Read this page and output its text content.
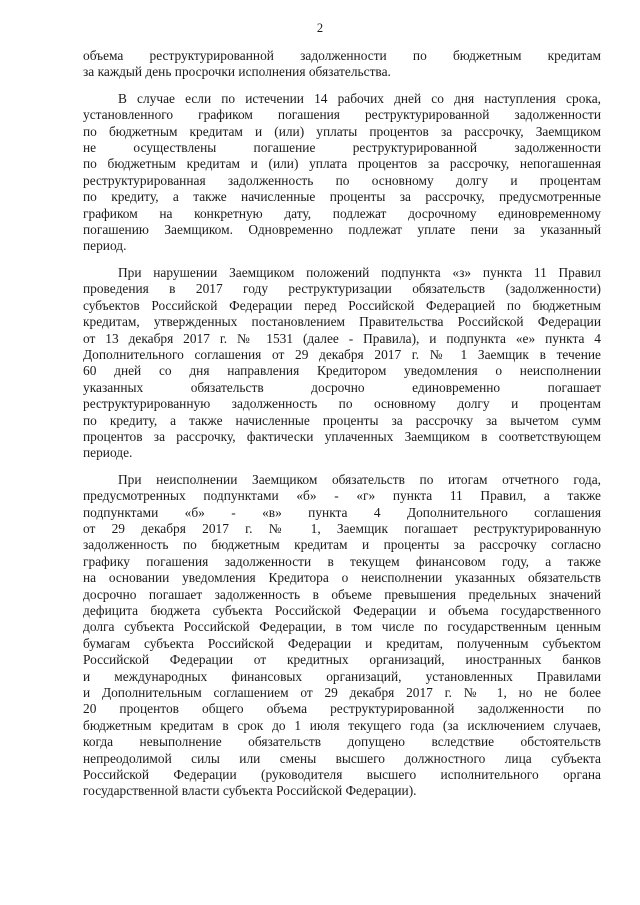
2

объема реструктурированной задолженности по бюджетным кредитам
за каждый день просрочки исполнения обязательства.

В случае если по истечении 14 рабочих дней со дня наступления срока,
установленного графиком погашения реструктурированной задолженности
по бюджетным кредитам и (или) уплаты процентов за рассрочку, Заемщиком
не осуществлены погашение реструктурированной задолженности
по бюджетным кредитам и (или) уплата процентов за рассрочку, непогашенная
реструктурированная задолженность по основному долгу и процентам
по кредиту, а также начисленные проценты за рассрочку, предусмотренные
графиком на конкретную дату, подлежат досрочному единовременному
погашению Заемщиком. Одновременно подлежат уплате пени за указанный
период.

При нарушении Заемщиком положений подпункта «з» пункта 11 Правил
проведения в 2017 году реструктуризации обязательств (задолженности)
субъектов Российской Федерации перед Российской Федерацией по бюджетным
кредитам, утвержденных постановлением Правительства Российской Федерации
от 13 декабря 2017 г. № 1531 (далее - Правила), и подпункта «е» пункта 4
Дополнительного соглашения от 29 декабря 2017 г. № 1 Заемщик в течение
60 дней со дня направления Кредитором уведомления о неисполнении
указанных обязательств досрочно единовременно погашает
реструктурированную задолженность по основному долгу и процентам
по кредиту, а также начисленные проценты за рассрочку за вычетом сумм
процентов за рассрочку, фактически уплаченных Заемщиком в соответствующем
периоде.

При неисполнении Заемщиком обязательств по итогам отчетного года,
предусмотренных подпунктами «б» - «г» пункта 11 Правил, а также
подпунктами «б» - «в» пункта 4 Дополнительного соглашения
от 29 декабря 2017 г. № 1, Заемщик погашает реструктурированную
задолженность по бюджетным кредитам и проценты за рассрочку согласно
графику погашения задолженности в текущем финансовом году, а также
на основании уведомления Кредитора о неисполнении указанных обязательств
досрочно погашает задолженность в объеме превышения предельных значений
дефицита бюджета субъекта Российской Федерации и объема государственного
долга субъекта Российской Федерации, в том числе по государственным ценным
бумагам субъекта Российской Федерации и кредитам, полученным субъектом
Российской Федерации от кредитных организаций, иностранных банков
и международных финансовых организаций, установленных Правилами
и Дополнительным соглашением от 29 декабря 2017 г. № 1, но не более
20 процентов общего объема реструктурированной задолженности по
бюджетным кредитам в срок до 1 июля текущего года (за исключением случаев,
когда невыполнение обязательств допущено вследствие обстоятельств
непреодолимой силы или смены высшего должностного лица субъекта
Российской Федерации (руководителя высшего исполнительного органа
государственной власти субъекта Российской Федерации).
